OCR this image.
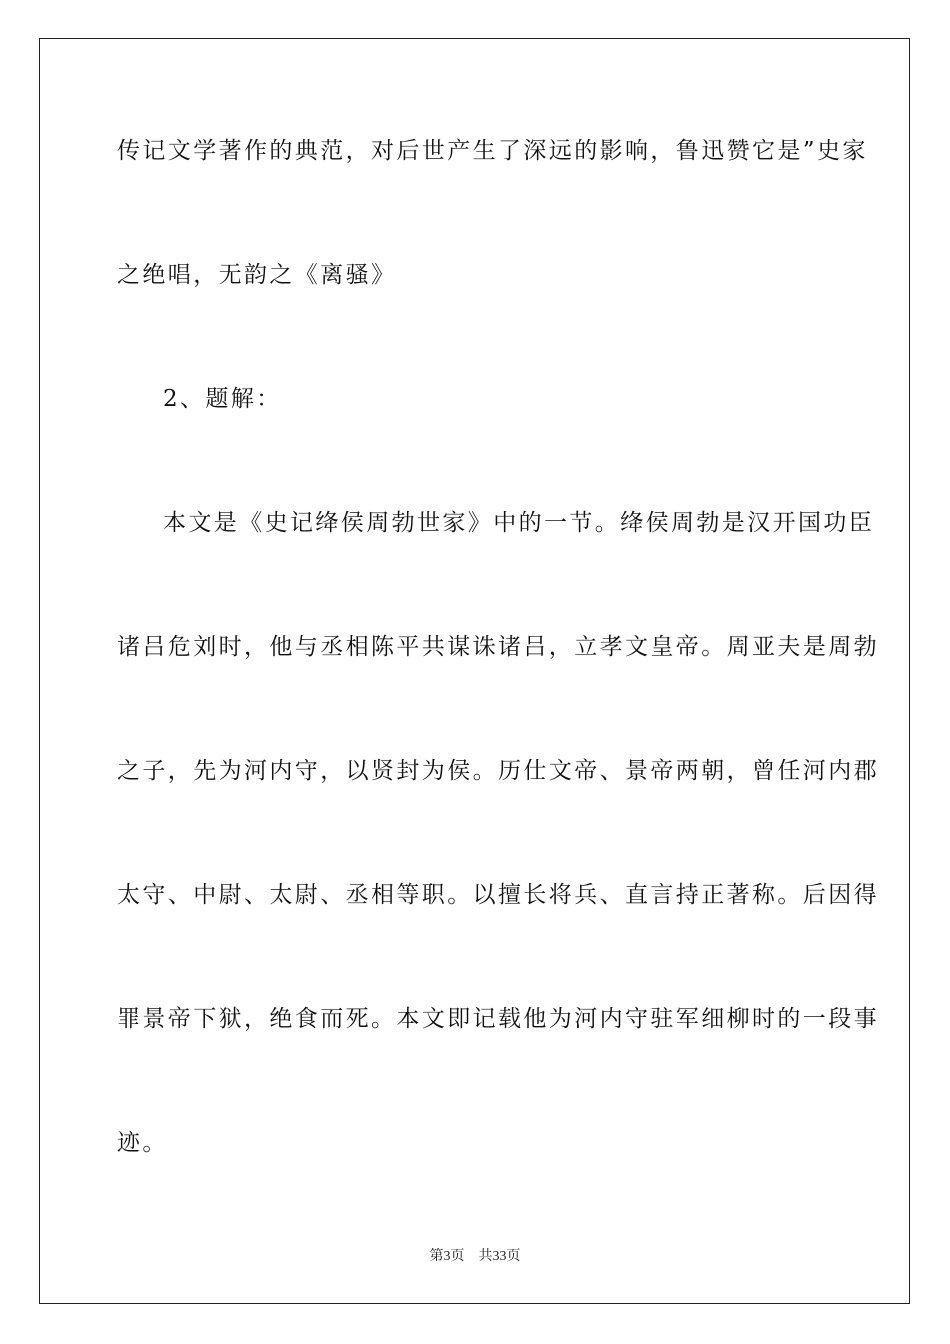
传记文学著作的典范，对后世产生了深远的影响，鲁迅赞它是”史家
之绝唱，无韵之《离骚》
2、题解：
本文是《史记绛侯周勃世家》中的一节。绛侯周勃是汉开国功臣
诸吕危刘时，他与丞相陈平共谋诛诸吕，立孝文皇帝。周亚夫是周勃
之子，先为河内守，以贤封为侯。历仕文帝、景帝两朝，曾任河内郡
太守、中尉、太尉、丞相等职。以擅长将兵、直言持正著称。后因得
罪景帝下狱，绝食而死。本文即记载他为河内守驻军细柳时的一段事
迹。
第3页 共33页
